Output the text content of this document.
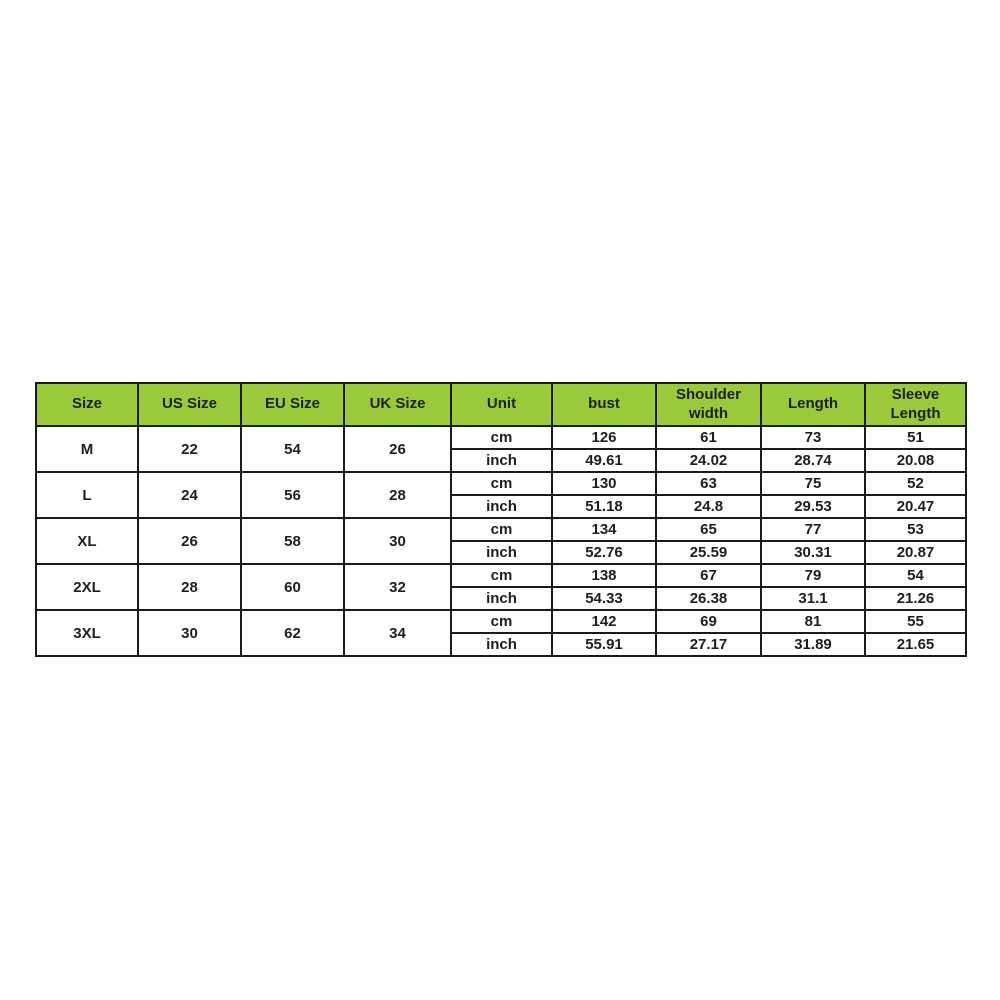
Size	US Size	EU Size	UK Size	Unit	bust	Shoulder width	Length	Sleeve Length
M	22	54	26	cm	126	61	73	51
				inch	49.61	24.02	28.74	20.08
L	24	56	28	cm	130	63	75	52
				inch	51.18	24.8	29.53	20.47
XL	26	58	30	cm	134	65	77	53
				inch	52.76	25.59	30.31	20.87
2XL	28	60	32	cm	138	67	79	54
				inch	54.33	26.38	31.1	21.26
3XL	30	62	34	cm	142	69	81	55
				inch	55.91	27.17	31.89	21.65
